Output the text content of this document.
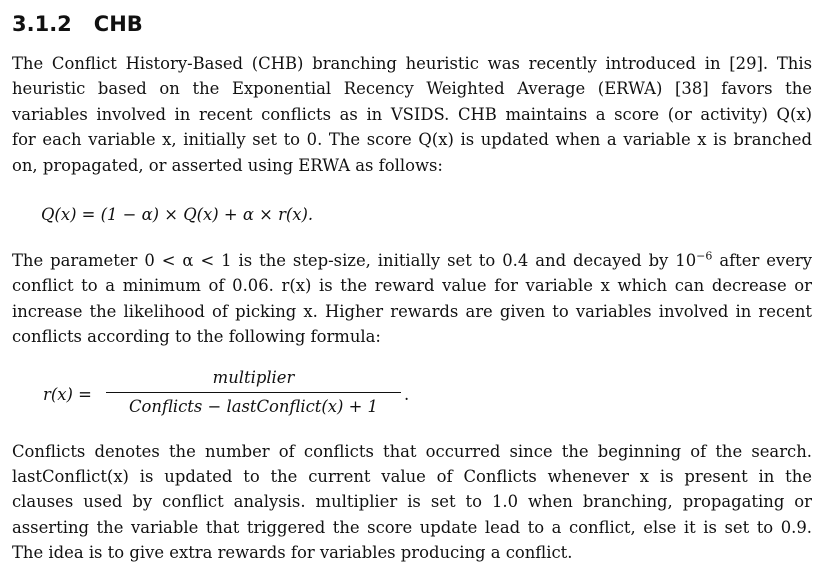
3.1.2 CHB
The Conflict History-Based (CHB) branching heuristic was recently introduced in [29]. This
heuristic based on the Exponential Recency Weighted Average (ERWA) [38] favors the
variables involved in recent conflicts as in VSIDS. CHB maintains a score (or activity) Q(x)
for each variable x, initially set to 0. The score Q(x) is updated when a variable x is branched
on, propagated, or asserted using ERWA as follows:
Q(x) = (1 − α) × Q(x) + α × r(x).
The parameter 0 < α < 1 is the step-size, initially set to 0.4 and decayed by $10^{-6}$ after every
conflict to a minimum of 0.06. r(x) is the reward value for variable x which can decrease or
increase the likelihood of picking x. Higher rewards are given to variables involved in recent
conflicts according to the following formula:
r(x) =
multiplier
Conflicts − lastConflict(x) + 1
.
Conflicts denotes the number of conflicts that occurred since the beginning of the search.
lastConflict(x) is updated to the current value of Conflicts whenever x is present in the
clauses used by conflict analysis. multiplier is set to 1.0 when branching, propagating or
asserting the variable that triggered the score update lead to a conflict, else it is set to 0.9.
The idea is to give extra rewards for variables producing a conflict.
